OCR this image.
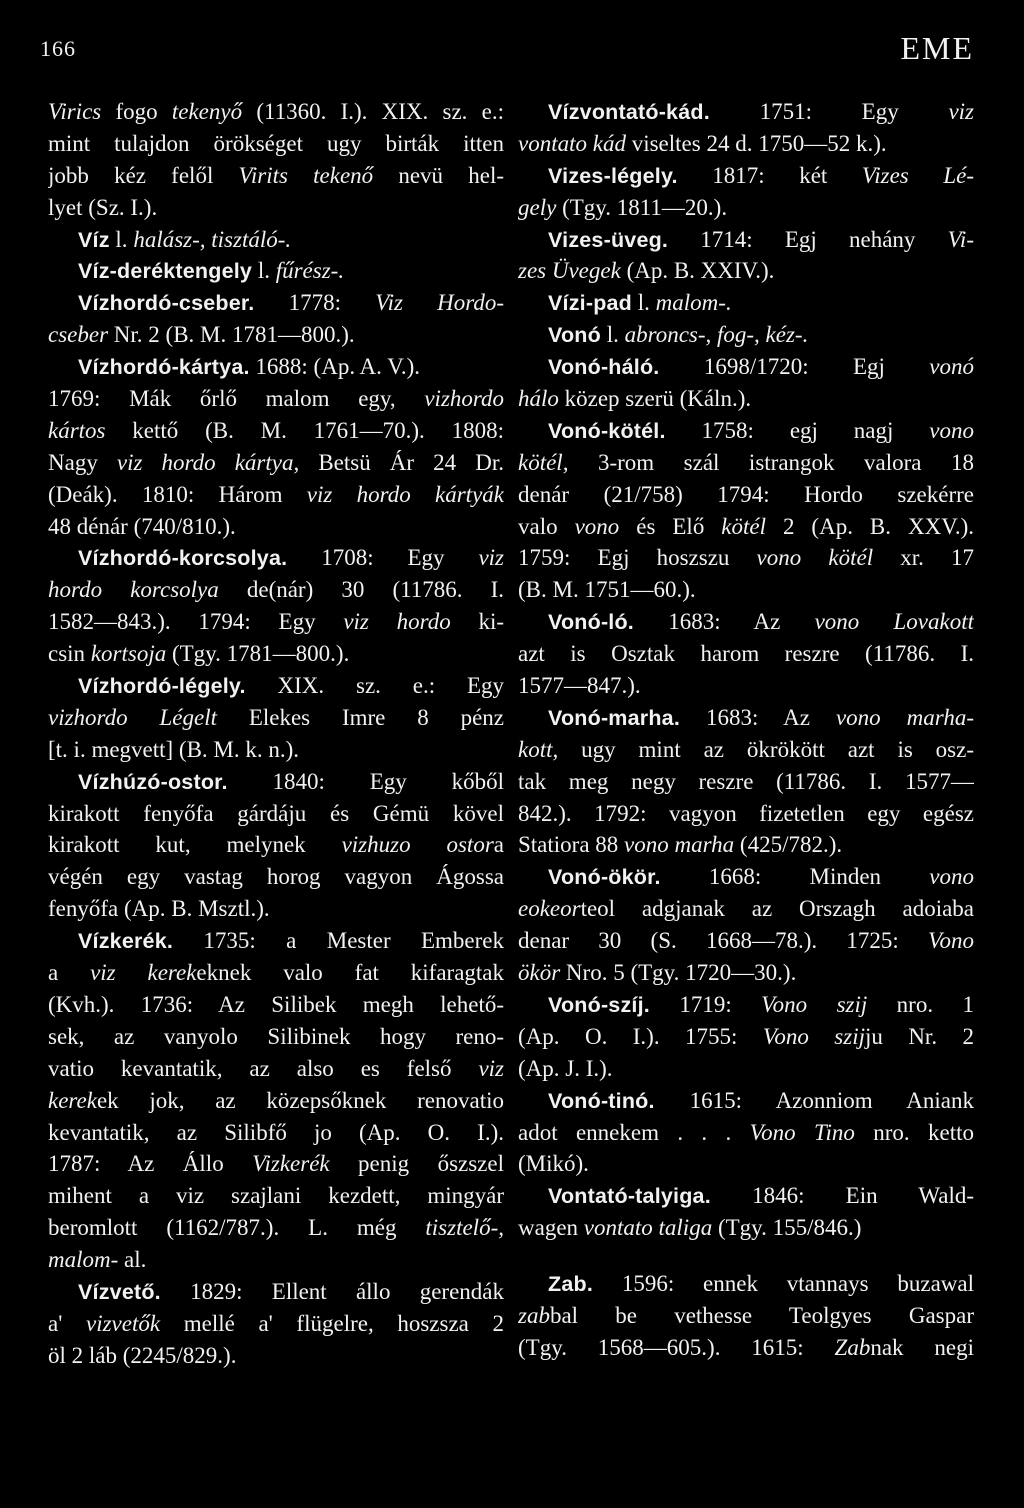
166	EME
Virics fogo tekenyő (11360. I.). XIX. sz. e.:
mint tulajdon örökséget ugy birták itten
jobb kéz felől Virits tekenő nevü hel-
lyet (Sz. I.).
Víz l. halász-, tisztáló-.
Víz-deréktengely l. fűrész-.
Vízhordó-cseber. 1778: Viz Hordo-
cseber Nr. 2 (B. M. 1781—800.).
Vízhordó-kártya. 1688: (Ap. A. V.).
1769: Mák őrlő malom egy, vizhordo
kártos kettő (B. M. 1761—70.). 1808:
Nagy viz hordo kártya, Betsü Ár 24 Dr.
(Deák). 1810: Három viz hordo kártyák
48 dénár (740/810.).
Vízhordó-korcsolya. 1708: Egy viz
hordo korcsolya de(nár) 30 (11786. I.
1582—843.). 1794: Egy viz hordo ki-
csin kortsoja (Tgy. 1781—800.).
Vízhordó-légely. XIX. sz. e.: Egy
vizhordo Légelt Elekes Imre 8 pénz
[t. i. megvett] (B. M. k. n.).
Vízhúzó-ostor. 1840: Egy kőből
kirakott fenyőfa gárdáju és Gémü kövel
kirakott kut, melynek vizhuzo ostora
végén egy vastag horog vagyon Ágossa
fenyőfa (Ap. B. Msztl.).
Vízkerék. 1735: a Mester Emberek
a viz kerekeknek valo fat kifaragtak
(Kvh.). 1736: Az Silibek megh lehető-
sek, az vanyolo Silibinek hogy reno-
vatio kevantatik, az also es felső viz
kerekek jok, az közepsőknek renovatio
kevantatik, az Silibfő jo (Ap. O. I.).
1787: Az Állo Vizkerék penig őszszel
mihent a viz szajlani kezdett, mingyár
beromlott (1162/787.). L. még tisztelő-,
malom- al.
Vízvető. 1829: Ellent állo gerendák
a' vizvetők mellé a' flügelre, hoszsza 2
öl 2 láb (2245/829.).
Vízvontató-kád. 1751: Egy viz
vontato kád viseltes 24 d. 1750—52 k.).
Vizes-légely. 1817: két Vizes Lé-
gely (Tgy. 1811—20.).
Vizes-üveg. 1714: Egj nehány Vi-
zes Üvegek (Ap. B. XXIV.).
Vízi-pad l. malom-.
Vonó l. abroncs-, fog-, kéz-.
Vonó-háló. 1698/1720: Egj vonó
hálo közep szerü (Káln.).
Vonó-kötél. 1758: egj nagj vono
kötél, 3-rom szál istrangok valora 18
denár (21/758) 1794: Hordo szekérre
valo vono és Elő kötél 2 (Ap. B. XXV.).
1759: Egj hoszszu vono kötél xr. 17
(B. M. 1751—60.).
Vonó-ló. 1683: Az vono Lovakott
azt is Osztak harom reszre (11786. I.
1577—847.).
Vonó-marha. 1683: Az vono marha-
kott, ugy mint az ökrökött azt is osz-
tak meg negy reszre (11786. I. 1577—
842.). 1792: vagyon fizetetlen egy egész
Statiora 88 vono marha (425/782.).
Vonó-ökör. 1668: Minden vono
eokeorteol adgjanak az Orszagh adoiaba
denar 30 (S. 1668—78.). 1725: Vono
ökör Nro. 5 (Tgy. 1720—30.).
Vonó-szíj. 1719: Vono szij nro. 1
(Ap. O. I.). 1755: Vono szijju Nr. 2
(Ap. J. I.).
Vonó-tinó. 1615: Azonniom Aniank
adot ennekem . . . Vono Tino nro. ketto
(Mikó).
Vontató-talyiga. 1846: Ein Wald-
wagen vontato taliga (Tgy. 155/846.)
Zab. 1596: ennek vtannays buzawal
zabbal be vethesse Teolgyes Gaspar
(Tgy. 1568—605.). 1615: Zabnak negi
